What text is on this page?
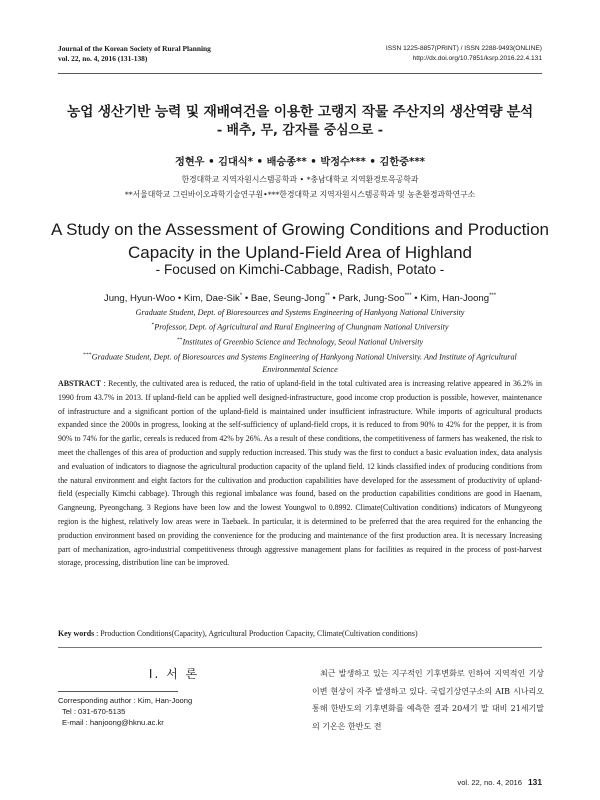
Journal of the Korean Society of Rural Planning
vol. 22, no. 4, 2016 (131-138)
ISSN 1225-8857(PRINT) / ISSN 2288-9493(ONLINE)
http://dx.doi.org/10.7851/ksrp.2016.22.4.131
농업 생산기반 능력 및 재배여건을 이용한 고랭지 작물 주산지의 생산역량 분석
- 배추, 무, 감자를 중심으로 -
정현우 • 김대식* • 배승종** • 박정수*** • 김한중***
한경대학교 지역자원시스템공학과 • *충남대학교 지역환경토목공학과
**서울대학교 그린바이오과학기술연구원•***한경대학교 지역자원시스템공학과 및 농촌환경과학연구소
A Study on the Assessment of Growing Conditions and Production
Capacity in the Upland-Field Area of Highland
- Focused on Kimchi-Cabbage, Radish, Potato -
Jung, Hyun-Woo • Kim, Dae-Sik* • Bae, Seung-Jong** • Park, Jung-Soo*** • Kim, Han-Joong***
Graduate Student, Dept. of Bioresources and Systems Engineering of Hankyong National University
*Professor, Dept. of Agricultural and Rural Engineering of Chungnam National University
**Institutes of Greenbio Science and Technology, Seoul National University
***Graduate Student, Dept. of Bioresources and Systems Engineering of Hankyong National University. And Institute of Agricultural Environmental Science
ABSTRACT : Recently, the cultivated area is reduced, the ratio of upland-field in the total cultivated area is increasing relative appeared in 36.2% in 1990 from 43.7% in 2013. If upland-field can be applied well designed-infrastructure, good income crop production is possible, however, maintenance of infrastructure and a significant portion of the upland-field is maintained under insufficient infrastructure. While imports of agricultural products expanded since the 2000s in progress, looking at the self-sufficiency of upland-field crops, it is reduced to from 90% to 42% for the pepper, it is from 90% to 74% for the garlic, cereals is reduced from 42% by 26%. As a result of these conditions, the competitiveness of farmers has weakened, the risk to meet the challenges of this area of production and supply reduction increased. This study was the first to conduct a basic evaluation index, data analysis and evaluation of indicators to diagnose the agricultural production capacity of the upland field. 12 kinds classified index of producing conditions from the natural environment and eight factors for the cultivation and production capabilities have developed for the assessment of productivity of upland-field (especially Kimchi cabbage). Through this regional imbalance was found, based on the production capabilities conditions are good in Haenam, Gangneung, Pyeongchang. 3 Regions have been low and the lowest Youngwol to 0.8992. Climate(Cultivation conditions) indicators of Mungyeong region is the highest, relatively low areas were in Taebaek. In particular, it is determined to be preferred that the area required for the enhancing the production environment based on providing the convenience for the producing and maintenance of the first production area. It is necessary Increasing part of mechanization, agro-industrial competitiveness through aggressive management plans for facilities as required in the process of post-harvest storage, processing, distribution line can be improved.
Key words : Production Conditions(Capacity), Agricultural Production Capacity, Climate(Cultivation conditions)
Ⅰ. 서 론
Corresponding author : Kim, Han-Joong
Tel : 031-670-5135
E-mail : hanjoong@hknu.ac.kr

최근 발생하고 있는 지구적인 기후변화로 인하여 지역적인 기상이변 현상이 자주 발생하고 있다. 국립기상연구소의 AIB 시나리오 통해 한반도의 기후변화를 예측한 결과 20세기 말 대비 21세기말의 기온은 한반도 전

vol. 22, no. 4, 2016 131
